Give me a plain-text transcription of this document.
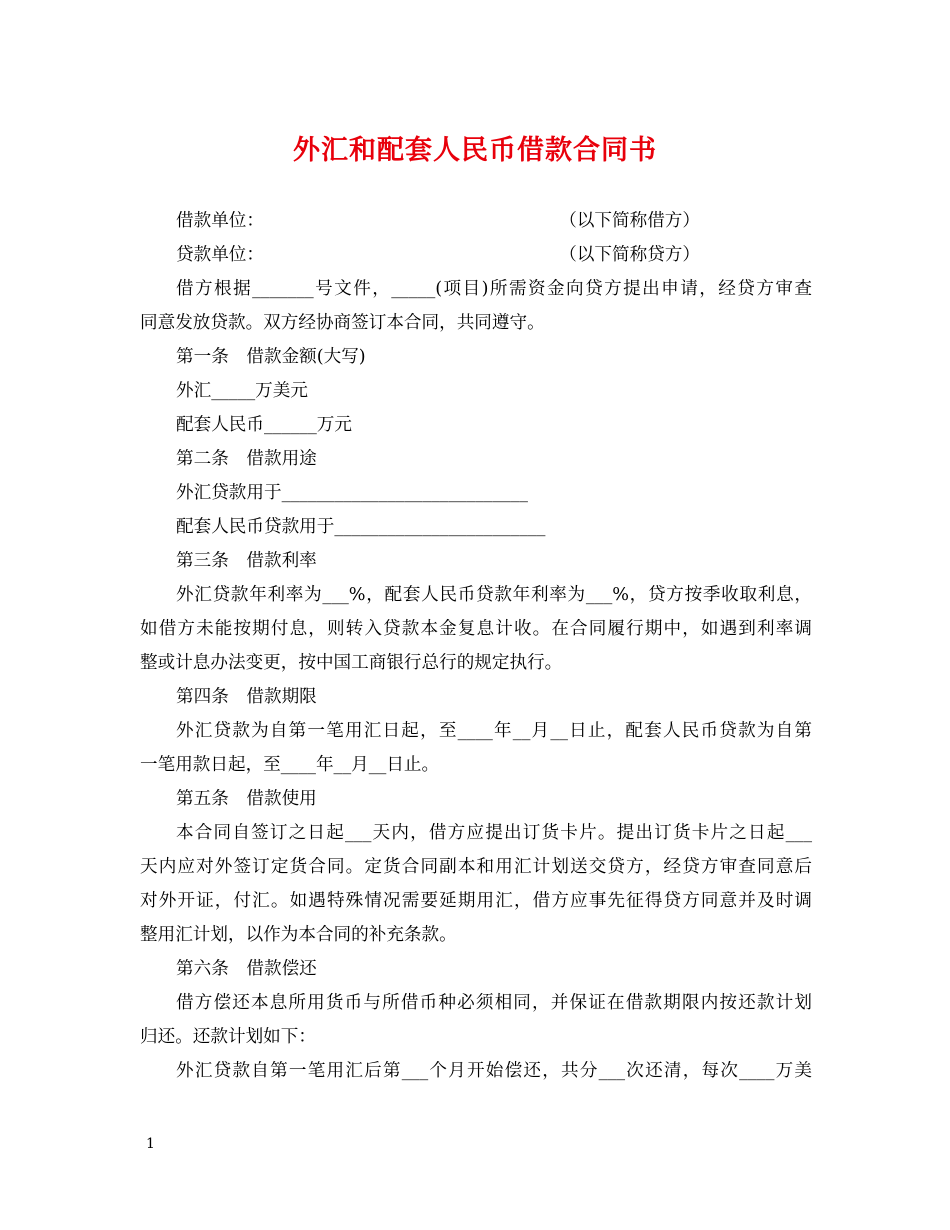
外汇和配套人民币借款合同书
借款单位：	（以下简称借方）
贷款单位：	（以下简称贷方）

借方根据_______号文件，_____(项目)所需资金向贷方提出申请，经贷方审查

同意发放贷款。双方经协商签订本合同，共同遵守。

第一条　借款金额(大写)

外汇_____万美元

配套人民币______万元

第二条　借款用途

外汇贷款用于____________________________

配套人民币贷款用于________________________

第三条　借款利率

外汇贷款年利率为___%，配套人民币贷款年利率为___%，贷方按季收取利息，

如借方未能按期付息，则转入贷款本金复息计收。在合同履行期中，如遇到利率调

整或计息办法变更，按中国工商银行总行的规定执行。

第四条　借款期限

外汇贷款为自第一笔用汇日起，至____年__月__日止，配套人民币贷款为自第

一笔用款日起，至____年__月__日止。

第五条　借款使用

本合同自签订之日起___天内，借方应提出订货卡片。提出订货卡片之日起___

天内应对外签订定货合同。定货合同副本和用汇计划送交贷方，经贷方审查同意后

对外开证，付汇。如遇特殊情况需要延期用汇，借方应事先征得贷方同意并及时调

整用汇计划，以作为本合同的补充条款。

第六条　借款偿还

借方偿还本息所用货币与所借币种必须相同，并保证在借款期限内按还款计划

归还。还款计划如下：

外汇贷款自第一笔用汇后第___个月开始偿还，共分___次还清，每次____万美

1
